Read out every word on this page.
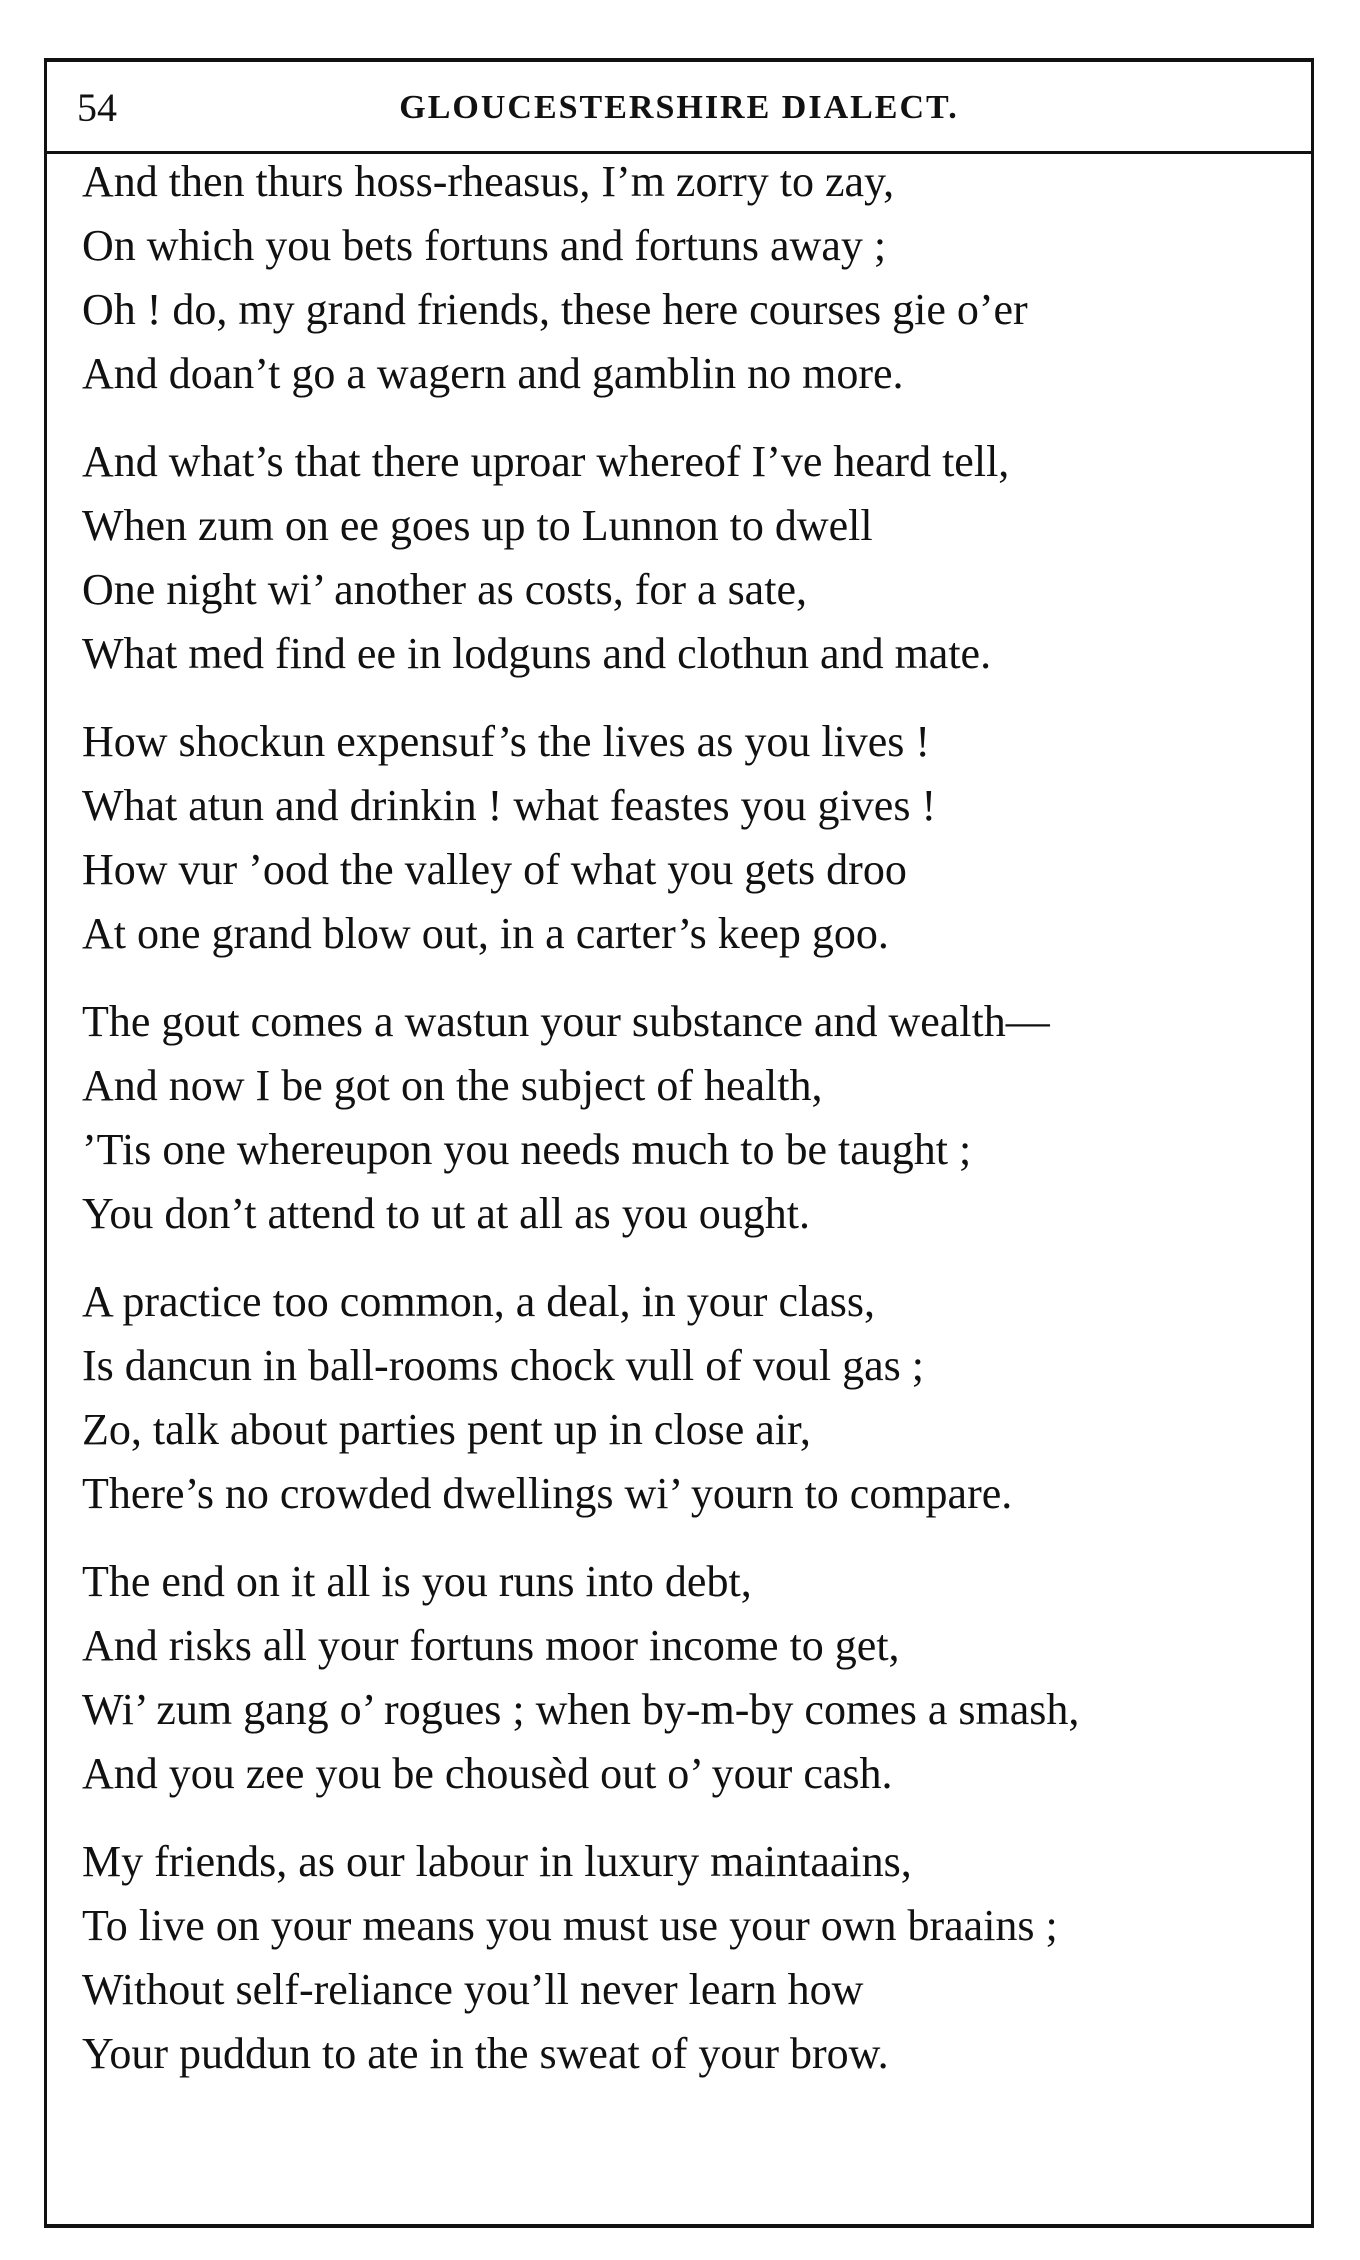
54	GLOUCESTERSHIRE DIALECT.
And then thurs hoss-rheasus, I’m zorry to zay,
On which you bets fortuns and fortuns away ;
Oh ! do, my grand friends, these here courses gie o’er
And doan’t go a wagern and gamblin no more.
And what’s that there uproar whereof I’ve heard tell,
When zum on ee goes up to Lunnon to dwell
One night wi’ another as costs, for a sate,
What med find ee in lodguns and clothun and mate.
How shockun expensuf’s the lives as you lives !
What atun and drinkin ! what feastes you gives !
How vur ’ood the valley of what you gets droo
At one grand blow out, in a carter’s keep goo.
The gout comes a wastun your substance and wealth—
And now I be got on the subject of health,
’Tis one whereupon you needs much to be taught ;
You don’t attend to ut at all as you ought.
A practice too common, a deal, in your class,
Is dancun in ball-rooms chock vull of voul gas ;
Zo, talk about parties pent up in close air,
There’s no crowded dwellings wi’ yourn to compare.
The end on it all is you runs into debt,
And risks all your fortuns moor income to get,
Wi’ zum gang o’ rogues ; when by-m-by comes a smash,
And you zee you be chousèd out o’ your cash.
My friends, as our labour in luxury maintaains,
To live on your means you must use your own braains ;
Without self-reliance you’ll never learn how
Your puddun to ate in the sweat of your brow.
